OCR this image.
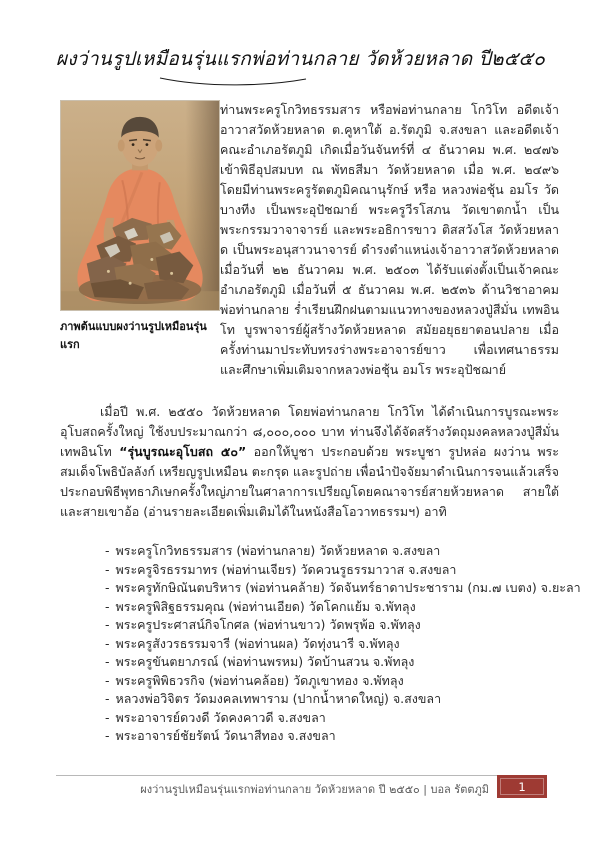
ผงว่านรูปเหมือนรุ่นแรกพ่อท่านกลาย วัดห้วยหลาด ปี๒๕๕๐
ภาพต้นแบบผงว่านรูปเหมือนรุ่นแรก

ท่านพระครูโกวิทธรรมสาร หรือพ่อท่านกลาย โกวิโท อดีตเจ้าอาวาสวัดห้วยหลาด ต.คูหาใต้ อ.รัตภูมิ จ.สงขลา และอดีตเจ้าคณะอำเภอรัตภูมิ เกิดเมื่อวันจันทร์ที่ ๔ ธันวาคม พ.ศ. ๒๔๗๖ เข้าพิธีอุปสมบท ณ พัทธสีมา วัดห้วยหลาด เมื่อ พ.ศ. ๒๔๙๖ โดยมีท่านพระครูรัตตภูมิคณานุรักษ์ หรือ หลวงพ่อชุ้น อมโร วัดบางทีง เป็นพระอุปัชฌาย์ พระครูวีรโสภน วัดเขาตกน้ำ เป็นพระกรรมวาจาจารย์ และพระอธิการขาว ติสสวังโส วัดห้วยหลาด เป็นพระอนุสาวนาจารย์ ดำรงตำแหน่งเจ้าอาวาสวัดห้วยหลาด เมื่อวันที่ ๒๒ ธันวาคม พ.ศ. ๒๕๐๓ ได้รับแต่งตั้งเป็นเจ้าคณะอำเภอรัตภูมิ เมื่อวันที่ ๕ ธันวาคม พ.ศ. ๒๕๓๖ ด้านวิชาอาคมพ่อท่านกลาย ร่ำเรียนฝึกฝนตามแนวทางของหลวงปู่สีมั่น เทพอินโท บูรพาจารย์ผู้สร้างวัดห้วยหลาด สมัยอยุธยาตอนปลาย เมื่อครั้งท่านมาประทับทรงร่างพระอาจารย์ขาว เพื่อเทศนาธรรม และศึกษาเพิ่มเติมจากหลวงพ่อชุ้น อมโร พระอุปัชฌาย์

เมื่อปี พ.ศ. ๒๕๕๐ วัดห้วยหลาด โดยพ่อท่านกลาย โกวิโท ได้ดำเนินการบูรณะพระอุโบสถครั้งใหญ่ ใช้งบประมาณกว่า ๘,๐๐๐,๐๐๐ บาท ท่านจึงได้จัดสร้างวัตถุมงคลหลวงปู่สีมั่น เทพอินโท “รุ่นบูรณะอุโบสถ ๕๐” ออกให้บูชา ประกอบด้วย พระบูชา รูปหล่อ ผงว่าน พระสมเด็จโพธิบัลลังก์ เหรียญรูปเหมือน ตะกรุด และรูปถ่าย เพื่อนำปัจจัยมาดำเนินการจนแล้วเสร็จ ประกอบพิธีพุทธาภิเษกครั้งใหญ่ภายในศาลาการเปรียญโดยคณาจารย์สายห้วยหลาด สายใต้ และสายเขาอ้อ (อ่านรายละเอียดเพิ่มเติมได้ในหนังสือโอวาทธรรมฯ) อาทิ

- พระครูโกวิทธรรมสาร (พ่อท่านกลาย) วัดห้วยหลาด จ.สงขลา
- พระครูจิรธรรมาทร (พ่อท่านเจียร) วัดควนรูธรรมาวาส จ.สงขลา
- พระครูทักษิณันตบริหาร (พ่อท่านคล้าย) วัดจันทร์ธาดาประชาราม (กม.๗ เบตง) จ.ยะลา
- พระครูพิสิฐธรรมคุณ (พ่อท่านเอียด) วัดโคกแย้ม จ.พัทลุง
- พระครูประศาสน์กิจโกศล (พ่อท่านขาว) วัดพรุพ้อ จ.พัทลุง
- พระครูสังวรธรรมจารี (พ่อท่านผล) วัดทุ่งนารี จ.พัทลุง
- พระครูขันตยาภรณ์ (พ่อท่านพรหม) วัดบ้านสวน จ.พัทลุง
- พระครูพิพิธวรกิจ (พ่อท่านคล้อย) วัดภูเขาทอง จ.พัทลุง
- หลวงพ่อวิจิตร วัดมงคลเทพาราม (ปากน้ำหาดใหญ่) จ.สงขลา
- พระอาจารย์ดวงดี วัดคงคาวดี จ.สงขลา
- พระอาจารย์ชัยรัตน์ วัดนาสีทอง จ.สงขลา
ผงว่านรูปเหมือนรุ่นแรกพ่อท่านกลาย วัดห้วยหลาด ปี ๒๕๕๐ | บอล รัตตภูมิ	1
